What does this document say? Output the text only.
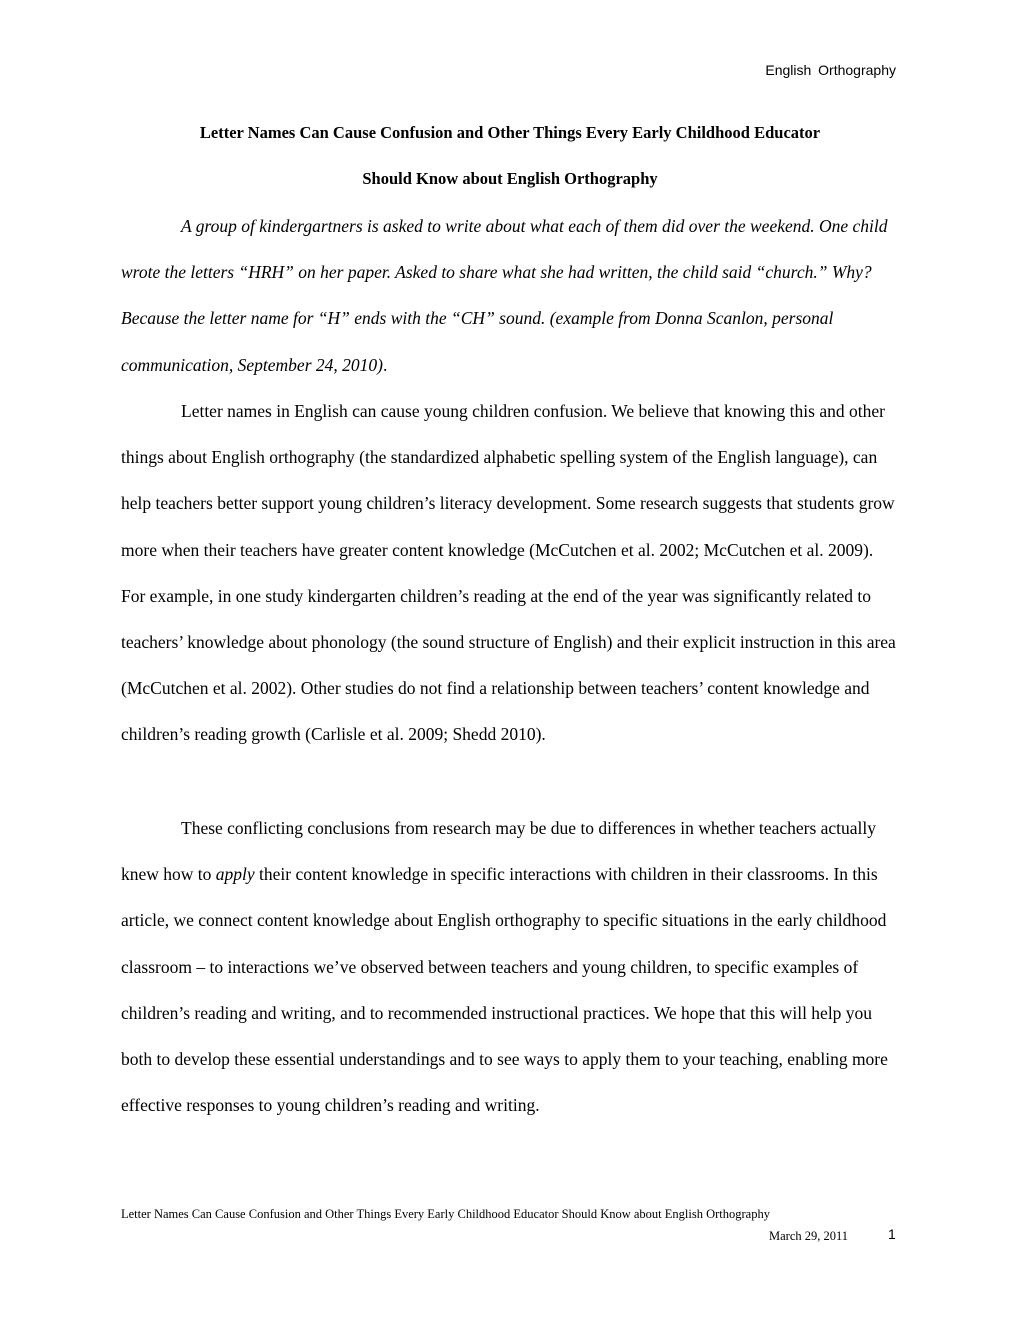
English Orthography
Letter Names Can Cause Confusion and Other Things Every Early Childhood Educator
Should Know about English Orthography

A group of kindergartners is asked to write about what each of them did over the weekend. One child wrote the letters “HRH” on her paper. Asked to share what she had written, the child said “church.” Why? Because the letter name for “H” ends with the “CH” sound. (example from Donna Scanlon, personal communication, September 24, 2010).

Letter names in English can cause young children confusion. We believe that knowing this and other things about English orthography (the standardized alphabetic spelling system of the English language), can help teachers better support young children’s literacy development. Some research suggests that students grow more when their teachers have greater content knowledge (McCutchen et al. 2002; McCutchen et al. 2009). For example, in one study kindergarten children’s reading at the end of the year was significantly related to teachers’ knowledge about phonology (the sound structure of English) and their explicit instruction in this area (McCutchen et al. 2002). Other studies do not find a relationship between teachers’ content knowledge and children’s reading growth (Carlisle et al. 2009; Shedd 2010).

These conflicting conclusions from research may be due to differences in whether teachers actually knew how to apply their content knowledge in specific interactions with children in their classrooms. In this article, we connect content knowledge about English orthography to specific situations in the early childhood classroom – to interactions we’ve observed between teachers and young children, to specific examples of children’s reading and writing, and to recommended instructional practices. We hope that this will help you both to develop these essential understandings and to see ways to apply them to your teaching, enabling more effective responses to young children’s reading and writing.

Letter Names Can Cause Confusion and Other Things Every Early Childhood Educator Should Know about English Orthography
March 29, 2011	1
